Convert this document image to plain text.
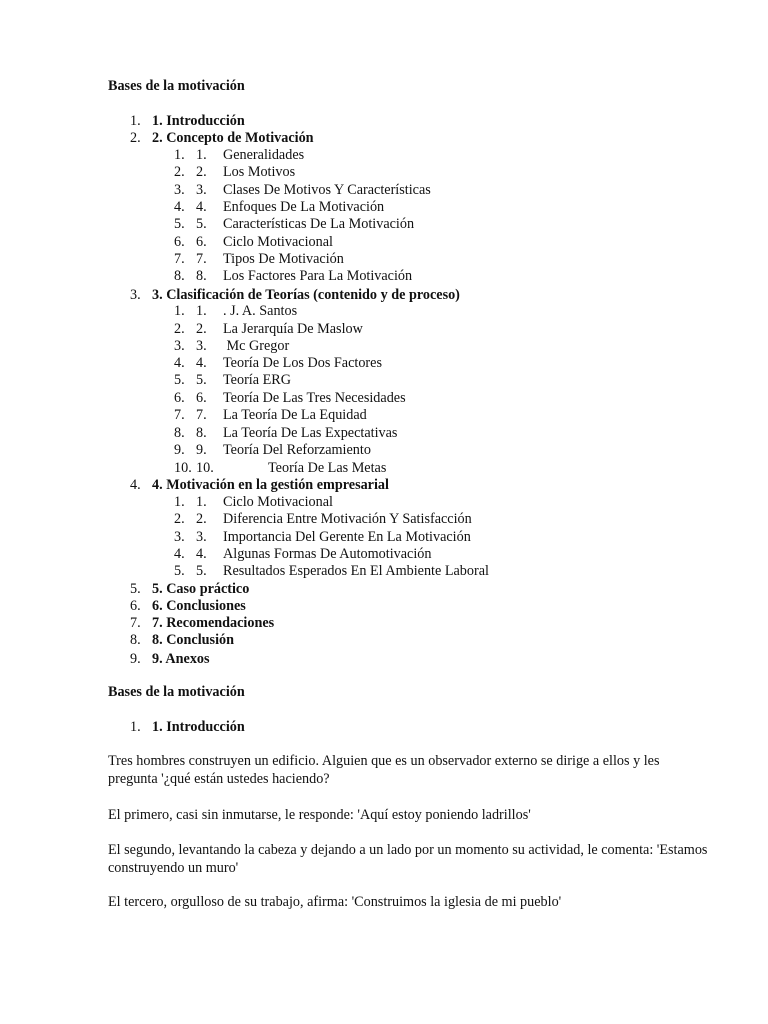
Bases de la motivación
1. 1. Introducción
2. 2. Concepto de Motivación
1. 1. Generalidades
2. 2. Los Motivos
3. 3. Clases De Motivos Y Características
4. 4. Enfoques De La Motivación
5. 5. Características De La Motivación
6. 6. Ciclo Motivacional
7. 7. Tipos De Motivación
8. 8. Los Factores Para La Motivación
3. 3. Clasificación de Teorías (contenido y de proceso)
1. 1. . J. A. Santos
2. 2. La Jerarquía De Maslow
3. 3. Mc Gregor
4. 4. Teoría De Los Dos Factores
5. 5. Teoría ERG
6. 6. Teoría De Las Tres Necesidades
7. 7. La Teoría De La Equidad
8. 8. La Teoría De Las Expectativas
9. 9. Teoría Del Reforzamiento
10. 10.	Teoría De Las Metas
4. 4. Motivación en la gestión empresarial
1. 1. Ciclo Motivacional
2. 2. Diferencia Entre Motivación Y Satisfacción
3. 3. Importancia Del Gerente En La Motivación
4. 4. Algunas Formas De Automotivación
5. 5. Resultados Esperados En El Ambiente Laboral
5. 5. Caso práctico
6. 6. Conclusiones
7. 7. Recomendaciones
8. 8. Conclusión
9. 9. Anexos
Bases de la motivación
1. 1. Introducción
Tres hombres construyen un edificio. Alguien que es un observador externo se dirige a ellos y les pregunta '¿qué están ustedes haciendo?
El primero, casi sin inmutarse, le responde: 'Aquí estoy poniendo ladrillos'
El segundo, levantando la cabeza y dejando a un lado por un momento su actividad, le comenta: 'Estamos construyendo un muro'
El tercero, orgulloso de su trabajo, afirma: 'Construimos la iglesia de mi pueblo'
